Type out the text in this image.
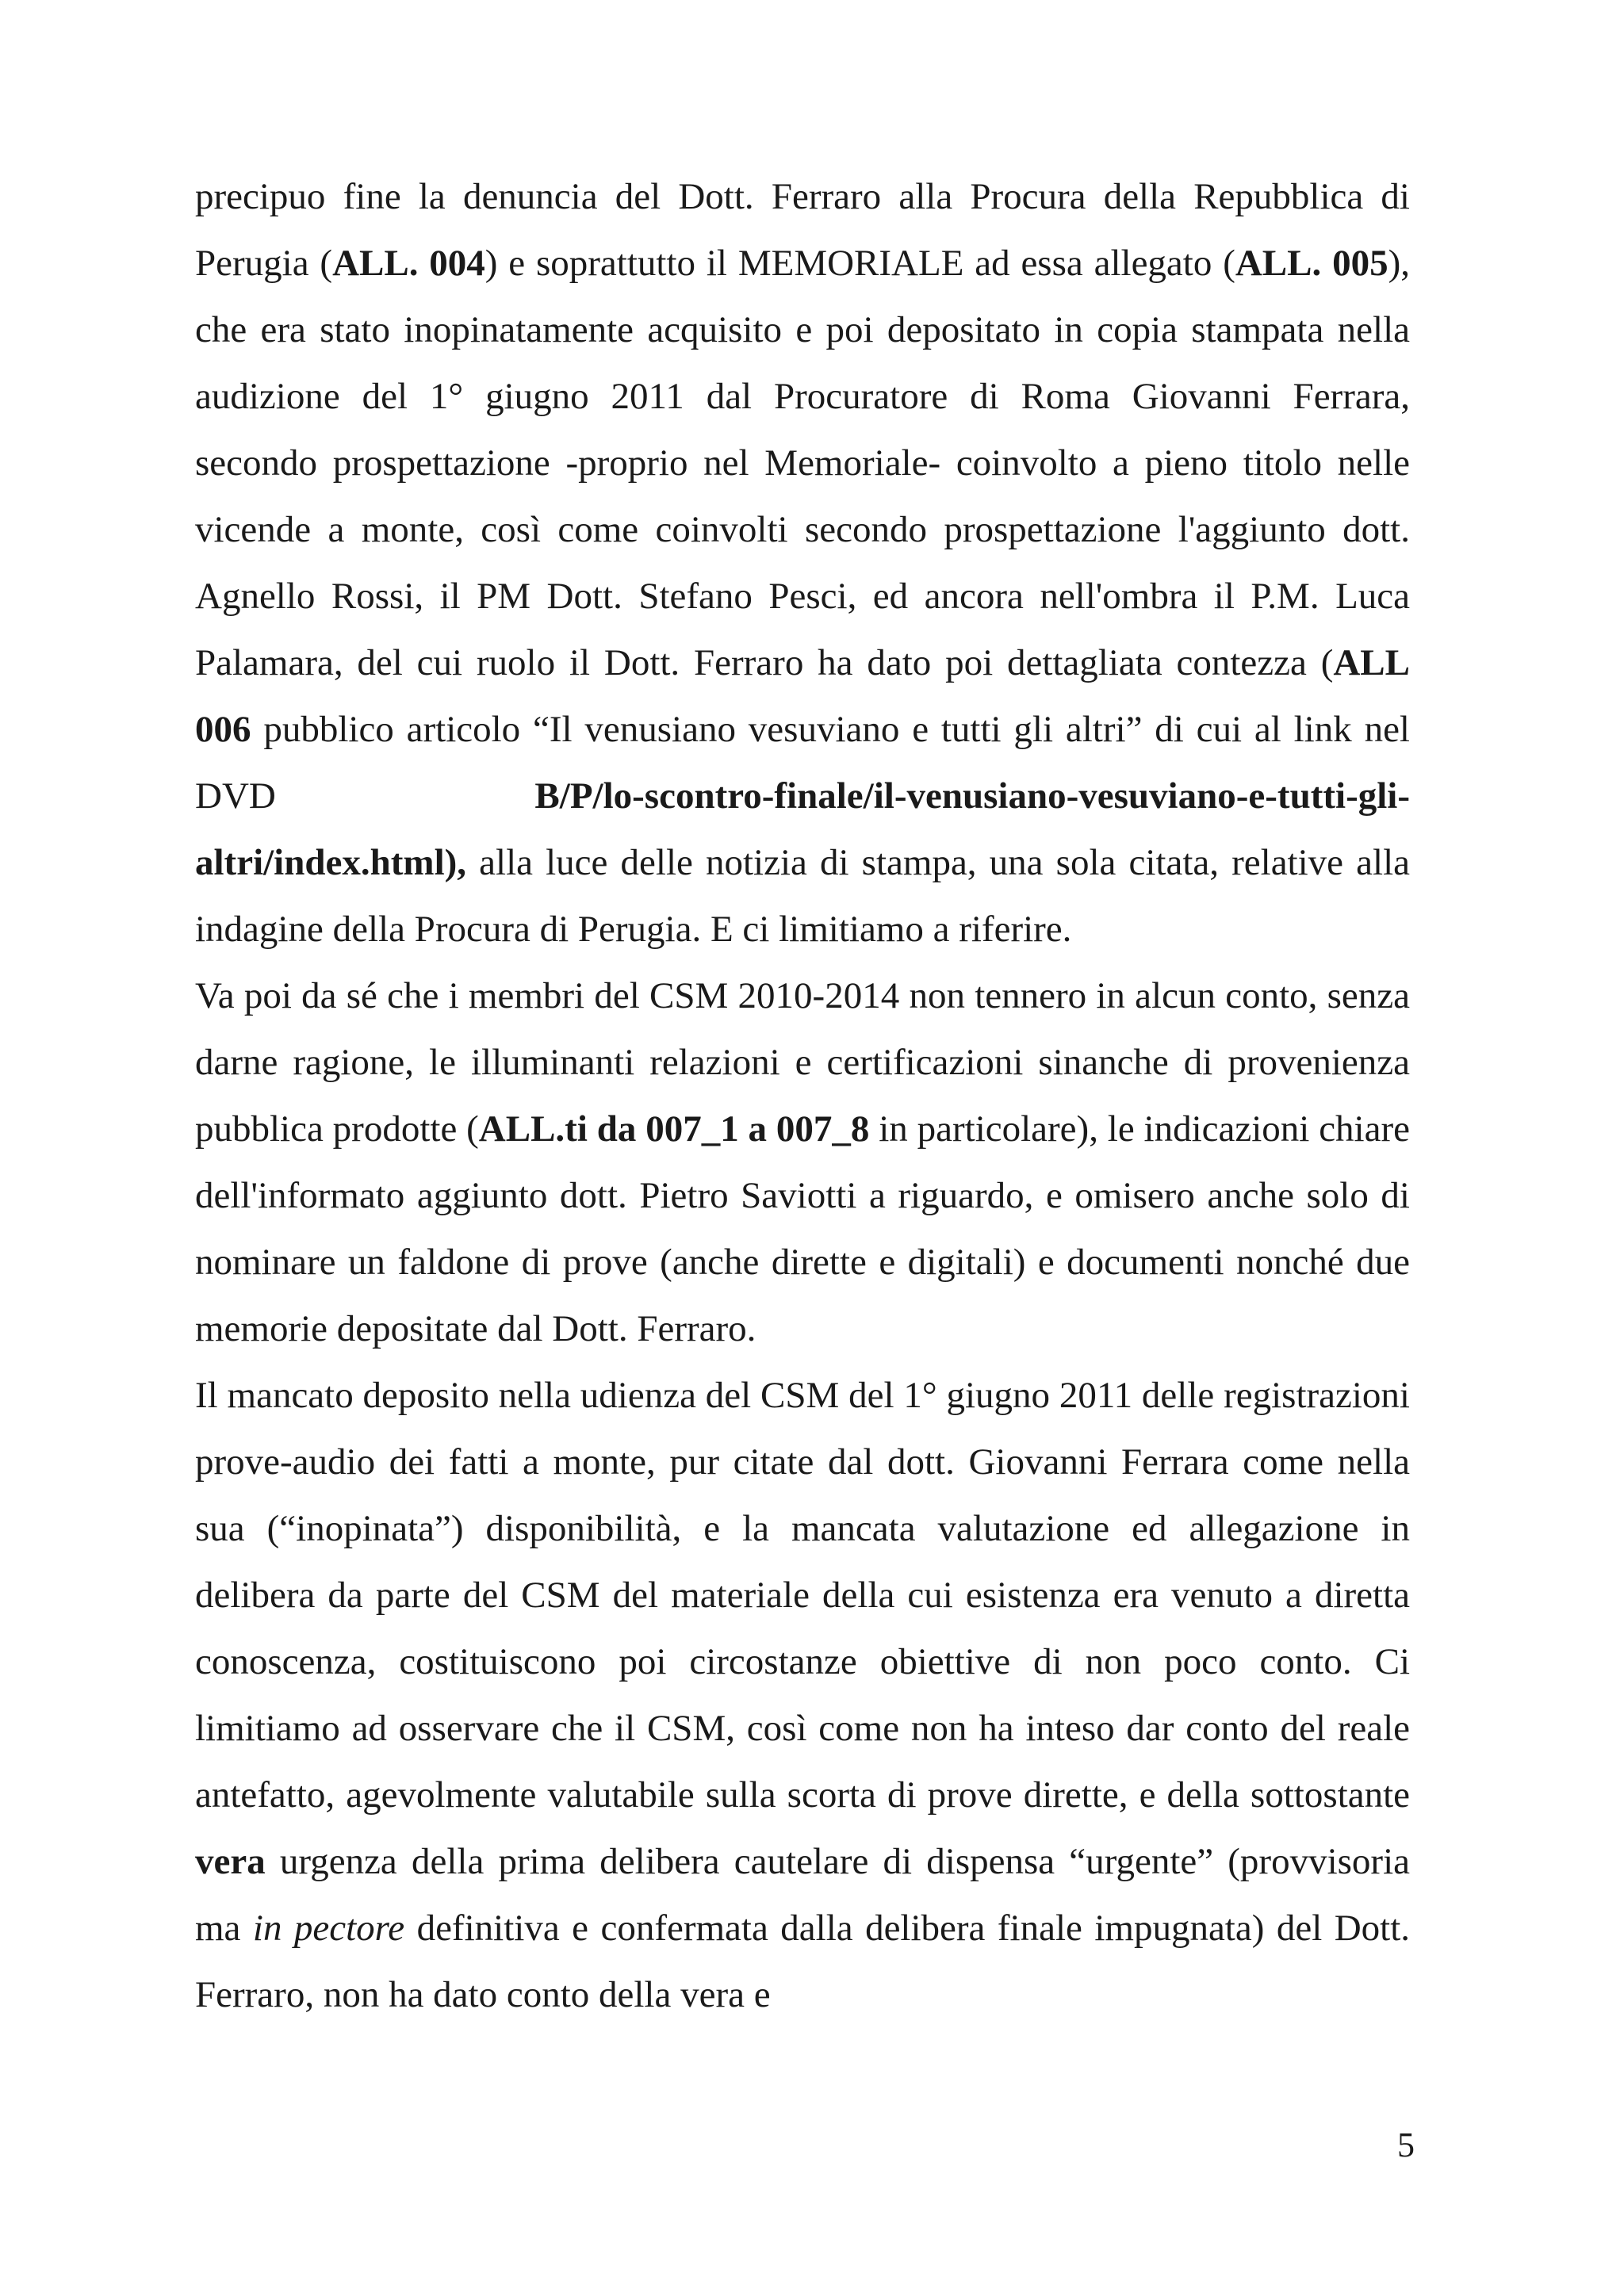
precipuo fine la denuncia del Dott. Ferraro alla Procura della Repubblica di Perugia (ALL. 004) e soprattutto il MEMORIALE ad essa allegato (ALL. 005), che era stato inopinatamente acquisito e poi depositato in copia stampata nella audizione del 1° giugno 2011 dal Procuratore di Roma Giovanni Ferrara, secondo prospettazione -proprio nel Memoriale- coinvolto a pieno titolo nelle vicende a monte, così come coinvolti secondo prospettazione l'aggiunto dott. Agnello Rossi, il PM Dott. Stefano Pesci, ed ancora nell'ombra il P.M. Luca Palamara, del cui ruolo il Dott. Ferraro ha dato poi dettagliata contezza (ALL 006 pubblico articolo “Il venusiano vesuviano e tutti gli altri” di cui al link nel DVD B/P/lo-scontro-finale/il-venusiano-vesuviano-e-tutti-gli-altri/index.html), alla luce delle notizia di stampa, una sola citata, relative alla indagine della Procura di Perugia. E ci limitiamo a riferire.

Va poi da sé che i membri del CSM 2010-2014 non tennero in alcun conto, senza darne ragione, le illuminanti relazioni e certificazioni sinanche di provenienza pubblica prodotte (ALL.ti da 007_1 a 007_8 in particolare), le indicazioni chiare dell'informato aggiunto dott. Pietro Saviotti a riguardo, e omisero anche solo di nominare un faldone di prove (anche dirette e digitali) e documenti nonché due memorie depositate dal Dott. Ferraro.

Il mancato deposito nella udienza del CSM del 1° giugno 2011 delle registrazioni prove-audio dei fatti a monte, pur citate dal dott. Giovanni Ferrara come nella sua (“inopinata”) disponibilità, e la mancata valutazione ed allegazione in delibera da parte del CSM del materiale della cui esistenza era venuto a diretta conoscenza, costituiscono poi circostanze obiettive di non poco conto. Ci limitiamo ad osservare che il CSM, così come non ha inteso dar conto del reale antefatto, agevolmente valutabile sulla scorta di prove dirette, e della sottostante vera urgenza della prima delibera cautelare di dispensa “urgente” (provvisoria ma in pectore definitiva e confermata dalla delibera finale impugnata) del Dott. Ferraro, non ha dato conto della vera e

5
